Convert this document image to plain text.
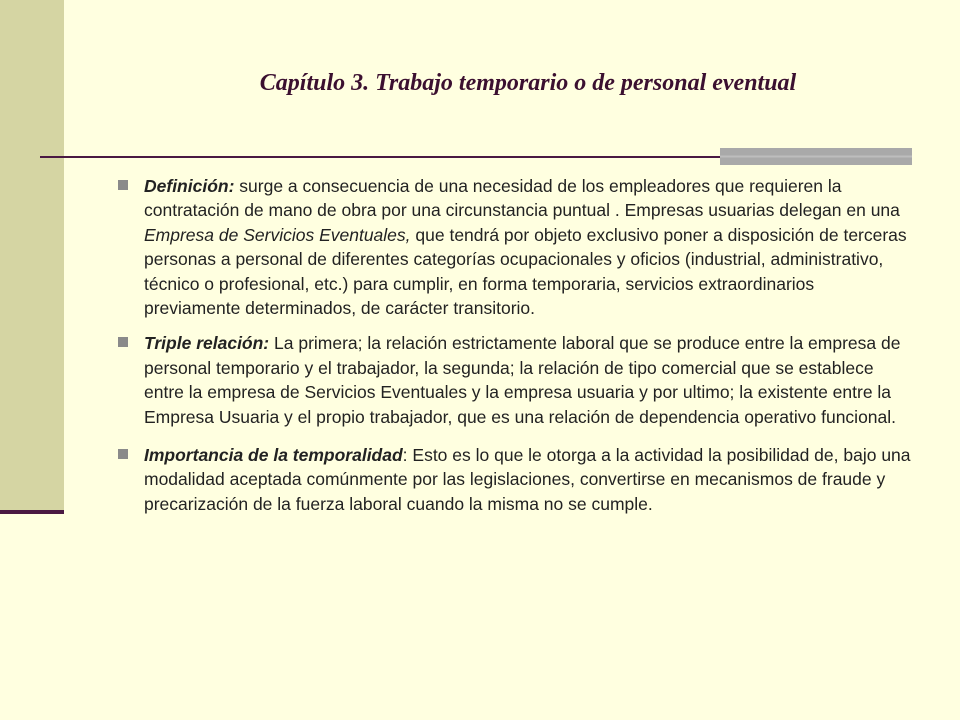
Capítulo 3. Trabajo temporario o de personal eventual

Definición: surge a consecuencia de una necesidad de los empleadores que requieren la contratación de mano de obra por una circunstancia puntual . Empresas usuarias delegan en una Empresa de Servicios Eventuales, que tendrá por objeto exclusivo poner a disposición de terceras personas a personal de diferentes categorías ocupacionales y oficios (industrial, administrativo, técnico o profesional, etc.) para cumplir, en forma temporaria, servicios extraordinarios previamente determinados, de carácter transitorio.

Triple relación: La primera; la relación estrictamente laboral que se produce entre la empresa de personal temporario y el trabajador, la segunda; la relación de tipo comercial que se establece entre la empresa de Servicios Eventuales y la empresa usuaria y por ultimo; la existente entre la Empresa Usuaria y el propio trabajador, que es una relación de dependencia operativo funcional.

Importancia de la temporalidad: Esto es lo que le otorga a la actividad la posibilidad de, bajo una modalidad aceptada comúnmente por las legislaciones, convertirse en mecanismos de fraude y precarización de la fuerza laboral cuando la misma no se cumple.
